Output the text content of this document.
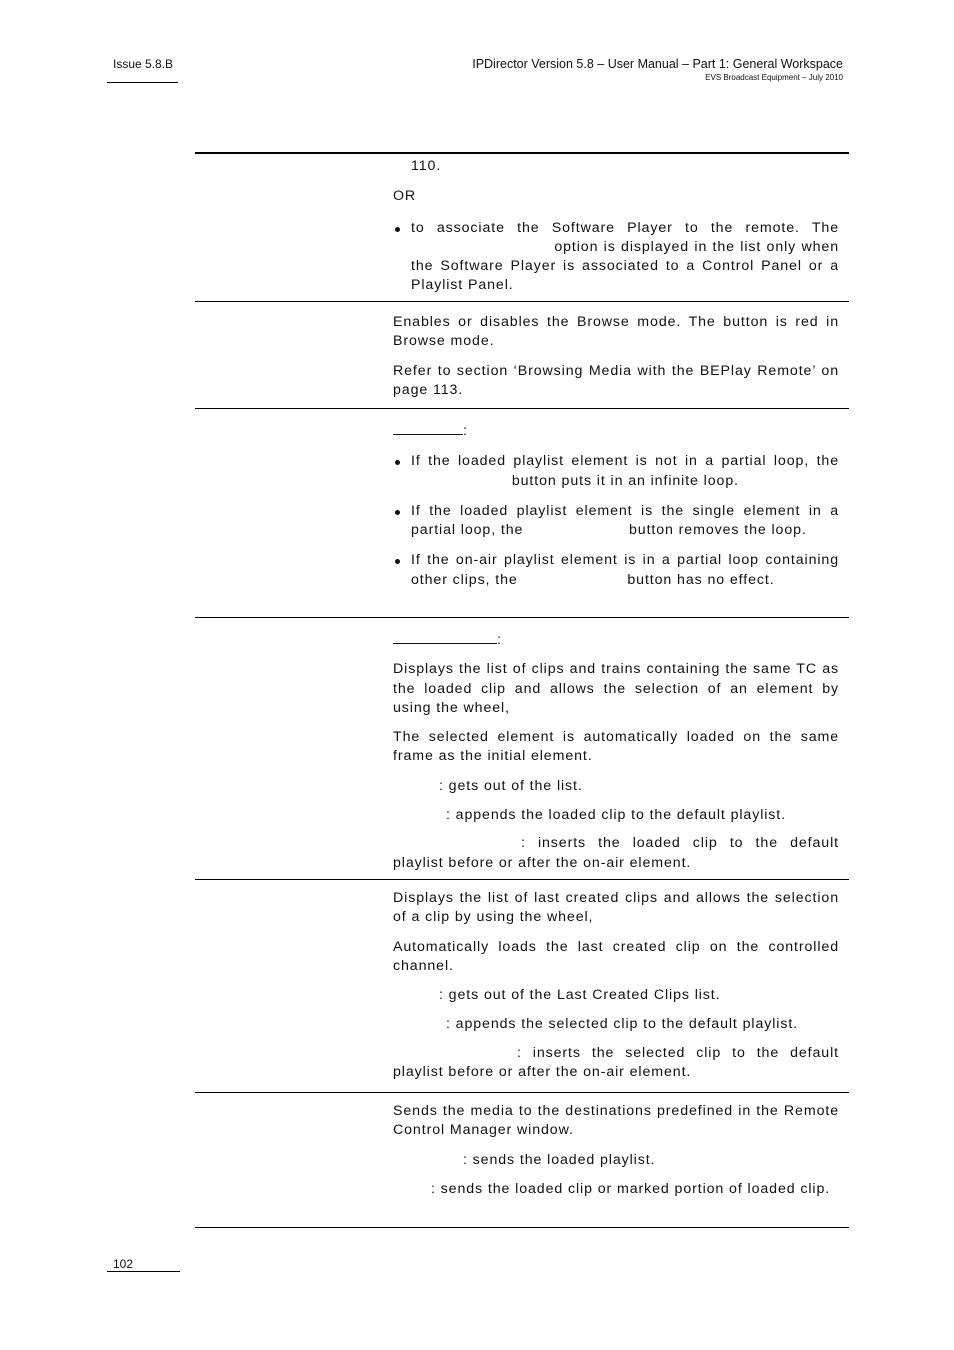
Issue 5.8.B	IPDirector Version 5.8 – User Manual – Part 1: General Workspace
EVS Broadcast Equipment – July 2010

110.

OR

to associate the Software Player to the remote. The  option is displayed in the list only when the Software Player is associated to a Control Panel or a Playlist Panel.

Enables or disables the Browse mode. The button is red in Browse mode.

Refer to section ‘Browsing Media with the BEPlay Remote’ on page 113.

:

If the loaded playlist element is not in a partial loop, the  button puts it in an infinite loop.
If the loaded playlist element is the single element in a partial loop, the	button removes the loop.
If the on-air playlist element is in a partial loop containing other clips, the	button has no effect.

:

Displays the list of clips and trains containing the same TC as the loaded clip and allows the selection of an element by using the wheel,

The selected element is automatically loaded on the same frame as the initial element.

: gets out of the list.

: appends the loaded clip to the default playlist.

: inserts the loaded clip to the default playlist before or after the on-air element.

Displays the list of last created clips and allows the selection of a clip by using the wheel,

Automatically loads the last created clip on the controlled channel.

: gets out of the Last Created Clips list.

: appends the selected clip to the default playlist.

: inserts the selected clip to the default playlist before or after the on-air element.

Sends the media to the destinations predefined in the Remote Control Manager window.

: sends the loaded playlist.

: sends the loaded clip or marked portion of loaded clip.

102
